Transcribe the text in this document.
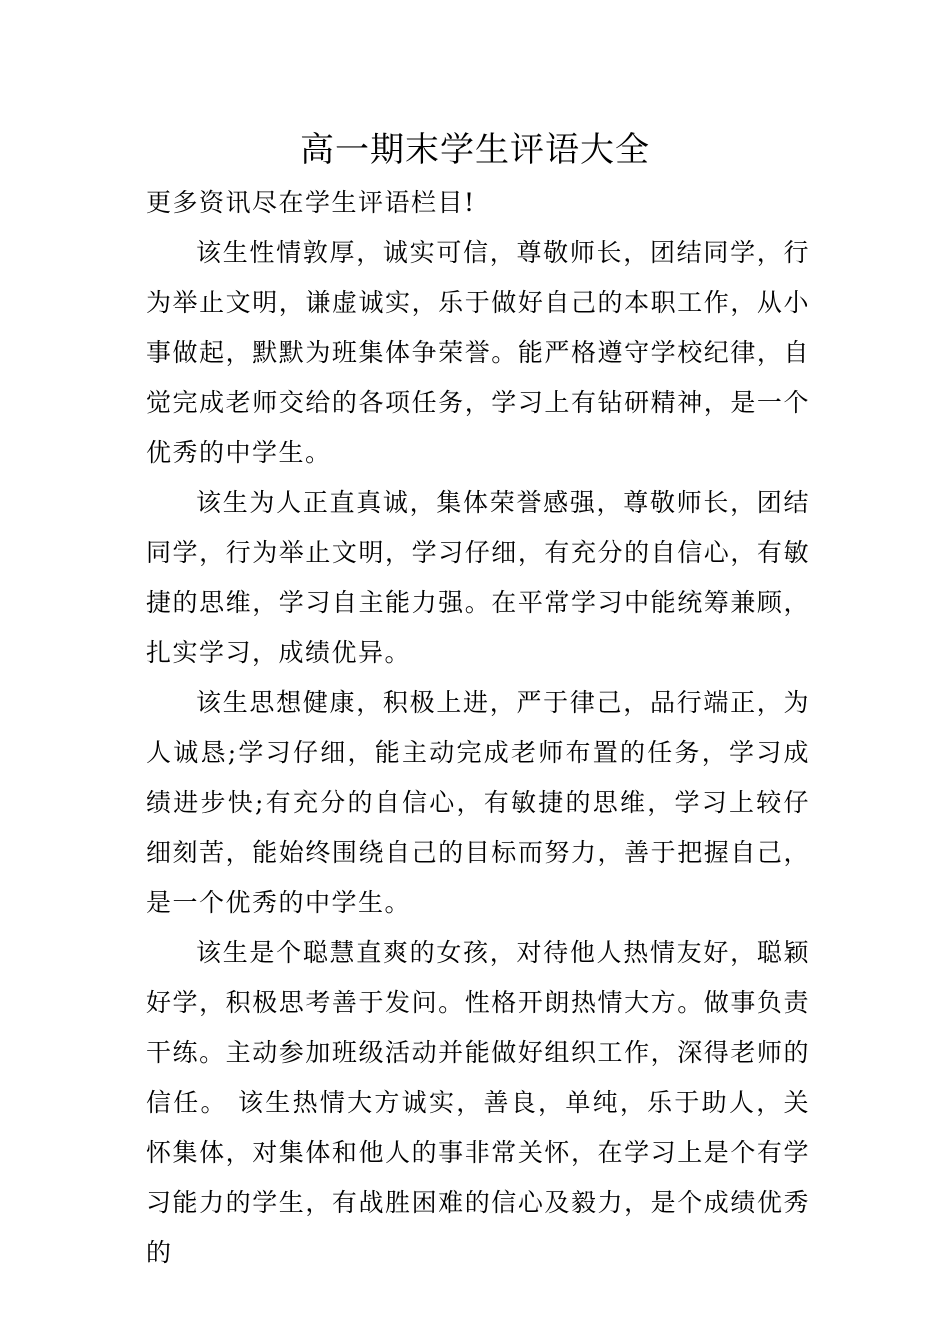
高一期末学生评语大全

更多资讯尽在学生评语栏目!

该生性情敦厚，诚实可信，尊敬师长，团结同学，行为举止文明，谦虚诚实，乐于做好自己的本职工作，从小事做起，默默为班集体争荣誉。能严格遵守学校纪律，自觉完成老师交给的各项任务，学习上有钻研精神，是一个优秀的中学生。

该生为人正直真诚，集体荣誉感强，尊敬师长，团结同学，行为举止文明，学习仔细，有充分的自信心，有敏捷的思维，学习自主能力强。在平常学习中能统筹兼顾，扎实学习，成绩优异。

该生思想健康，积极上进，严于律己，品行端正，为人诚恳;学习仔细，能主动完成老师布置的任务，学习成绩进步快;有充分的自信心，有敏捷的思维，学习上较仔细刻苦，能始终围绕自己的目标而努力，善于把握自己，是一个优秀的中学生。

该生是个聪慧直爽的女孩，对待他人热情友好，聪颖好学，积极思考善于发问。性格开朗热情大方。做事负责干练。主动参加班级活动并能做好组织工作，深得老师的信任。 该生热情大方诚实，善良，单纯，乐于助人，关怀集体，对集体和他人的事非常关怀，在学习上是个有学习能力的学生，有战胜困难的信心及毅力，是个成绩优秀的
